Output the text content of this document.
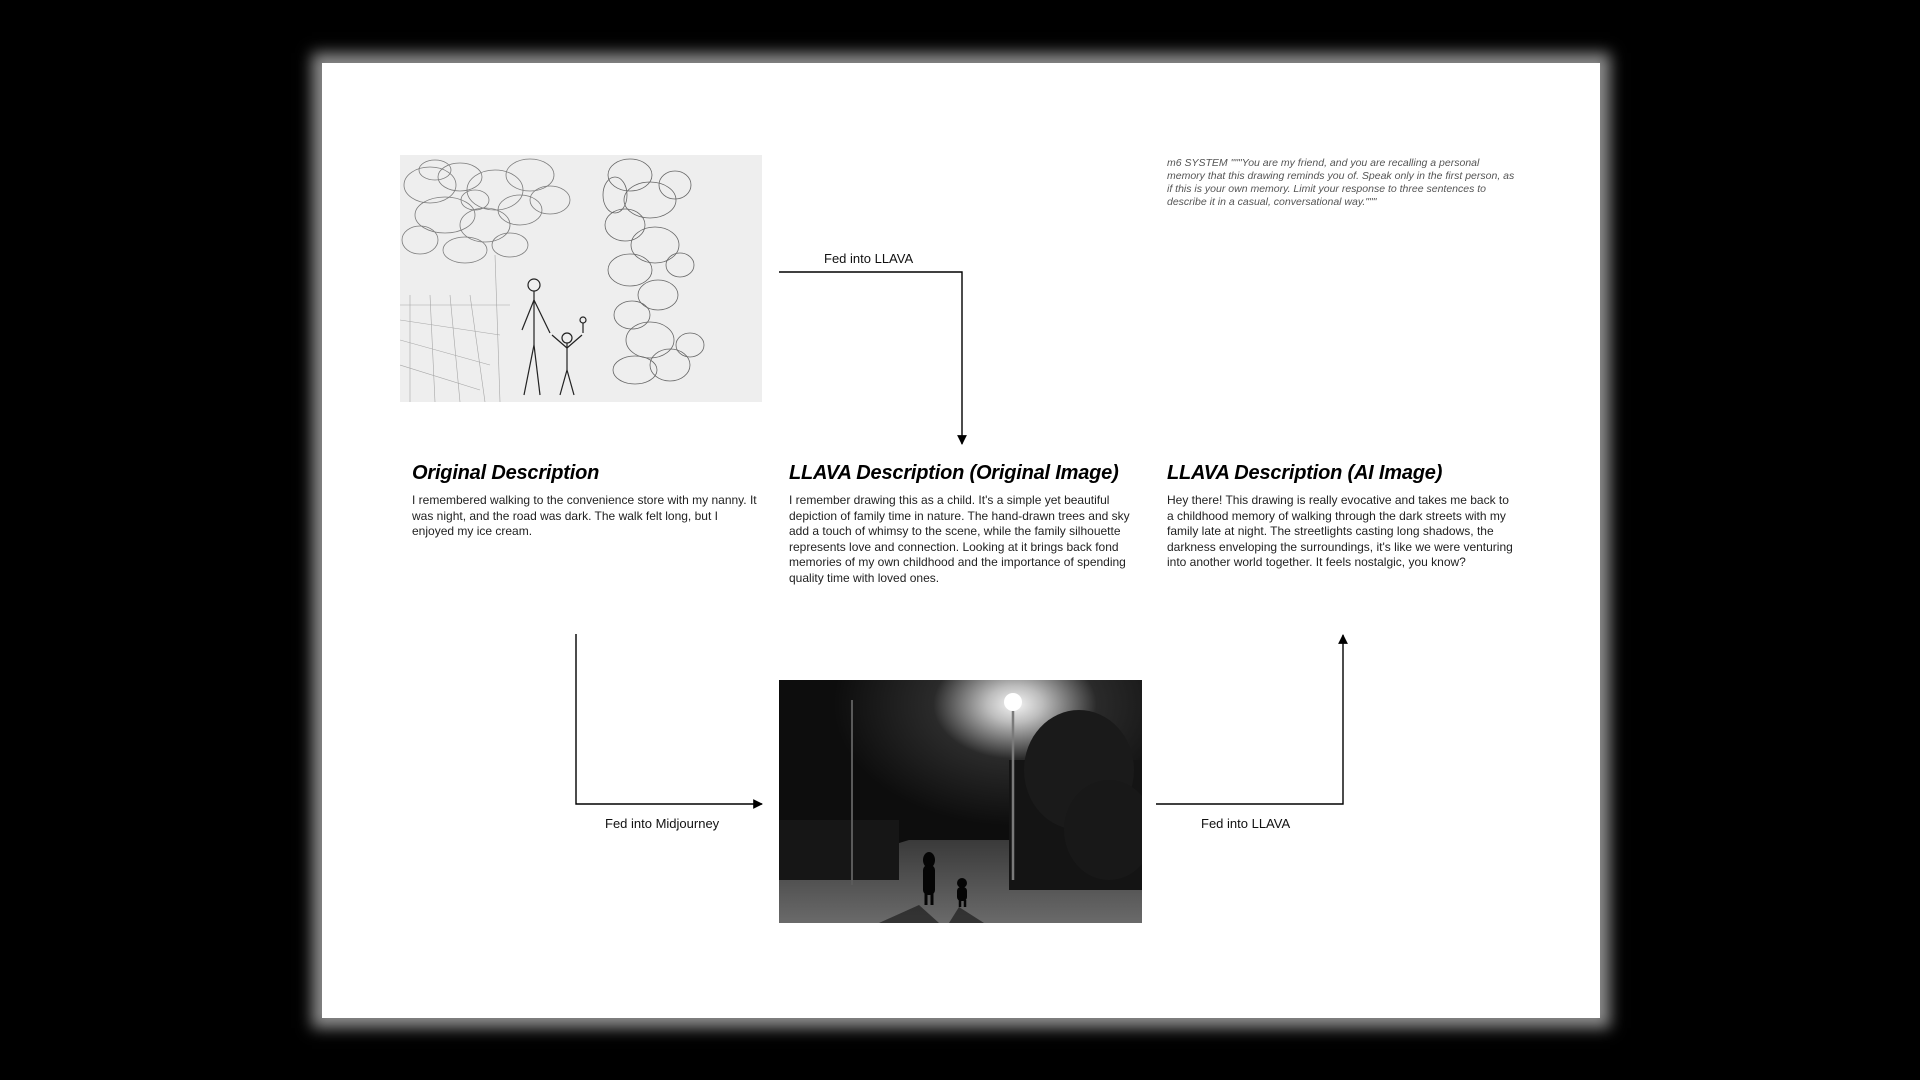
Fed into LLAVA
Fed into Midjourney	Fed into LLAVA
m6 SYSTEM """You are my friend, and you are recalling a personal memory that this drawing reminds you of. Speak only in the first person, as if this is your own memory. Limit your response to three sentences to describe it in a casual, conversational way."""
Original Description

I remembered walking to the convenience store with my nanny. It was night, and the road was dark. The walk felt long, but I enjoyed my ice cream.

LLAVA Description (Original Image)

I remember drawing this as a child. It's a simple yet beautiful depiction of family time in nature. The hand-drawn trees and sky add a touch of whimsy to the scene, while the family silhouette represents love and connection. Looking at it brings back fond memories of my own childhood and the importance of spending quality time with loved ones.

LLAVA Description (AI Image)

Hey there! This drawing is really evocative and takes me back to a childhood memory of walking through the dark streets with my family late at night. The streetlights casting long shadows, the darkness enveloping the surroundings, it's like we were venturing into another world together. It feels nostalgic, you know?
